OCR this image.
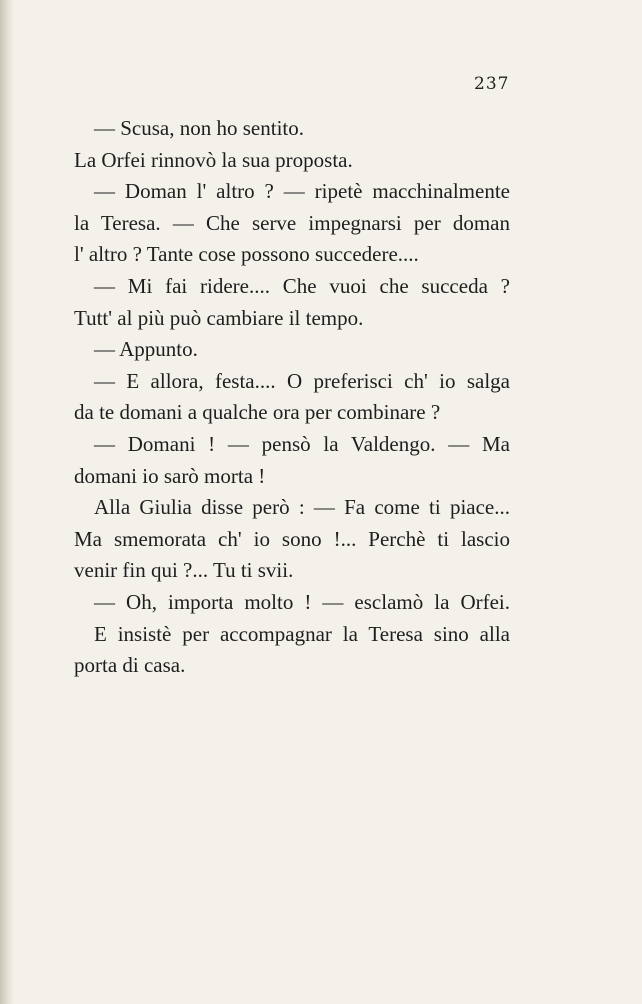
237

— Scusa, non ho sentito.
La Orfei rinnovò la sua proposta.
— Doman l' altro ? — ripetè macchinalmente
la Teresa. — Che serve impegnarsi per doman
l' altro ? Tante cose possono succedere....
— Mi fai ridere.... Che vuoi che succeda ?
Tutt' al più può cambiare il tempo.
— Appunto.
— E allora, festa.... O preferisci ch' io salga
da te domani a qualche ora per combinare ?
— Domani ! — pensò la Valdengo. — Ma
domani io sarò morta !
Alla Giulia disse però : — Fa come ti piace...
Ma smemorata ch' io sono !... Perchè ti lascio
venir fin qui ?... Tu ti svii.
— Oh, importa molto ! — esclamò la Orfei.
E insistè per accompagnar la Teresa sino alla
porta di casa.
